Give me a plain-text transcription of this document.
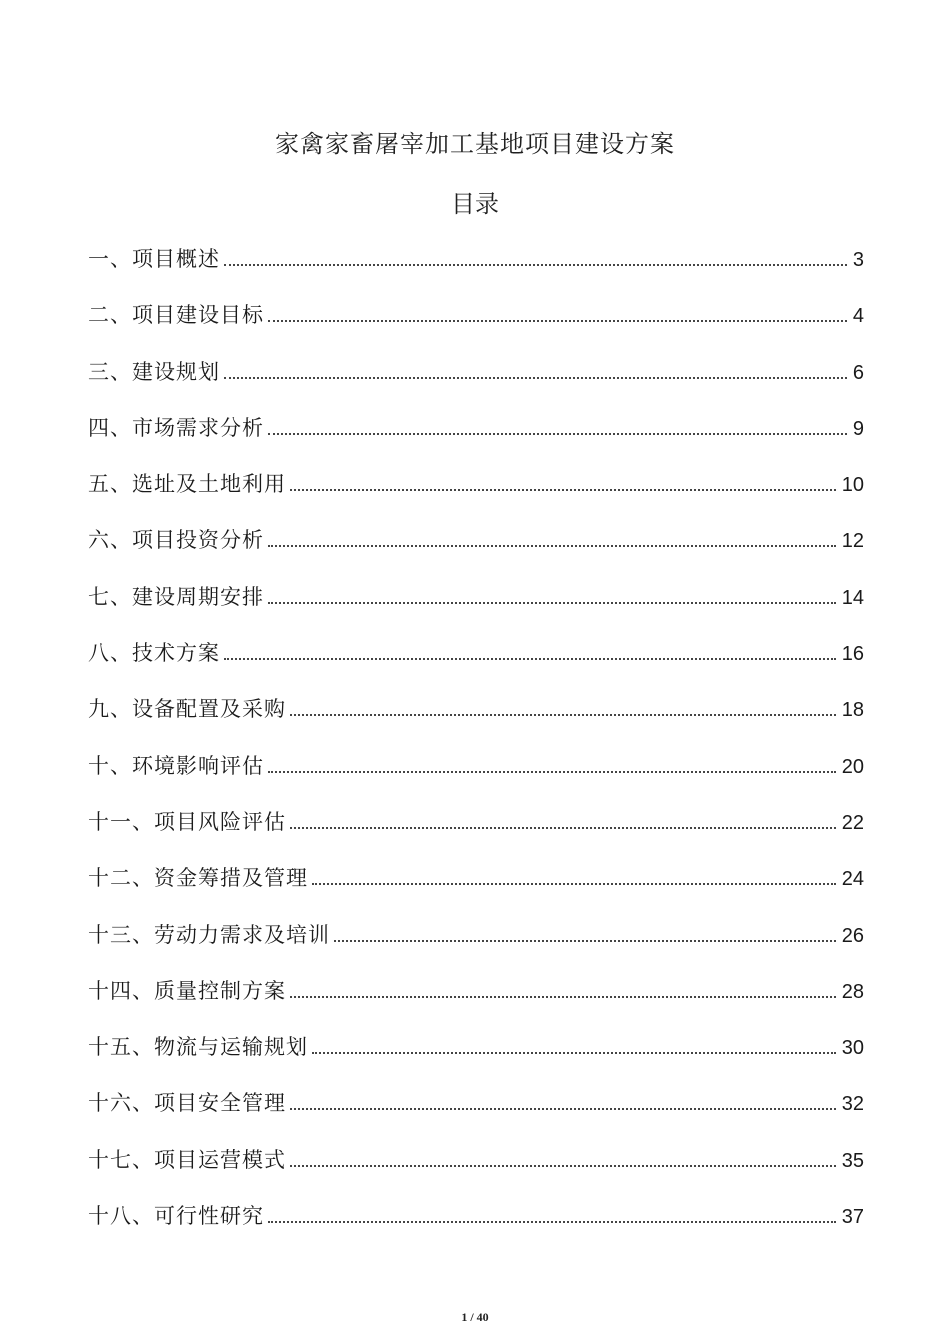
家禽家畜屠宰加工基地项目建设方案
目录
一、项目概述	3
二、项目建设目标	4
三、建设规划	6
四、市场需求分析	9
五、选址及土地利用	10
六、项目投资分析	12
七、建设周期安排	14
八、技术方案	16
九、设备配置及采购	18
十、环境影响评估	20
十一、项目风险评估	22
十二、资金筹措及管理	24
十三、劳动力需求及培训	26
十四、质量控制方案	28
十五、物流与运输规划	30
十六、项目安全管理	32
十七、项目运营模式	35
十八、可行性研究	37
1 / 40
